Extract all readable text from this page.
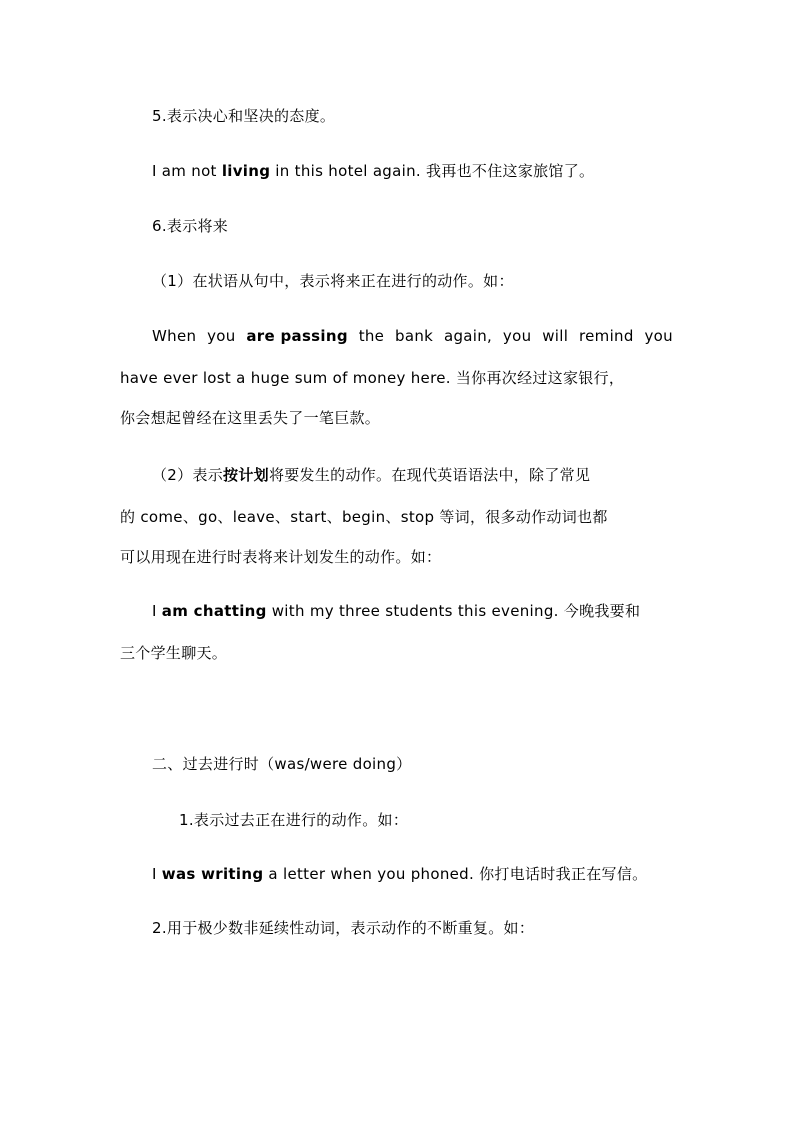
5.表示决心和坚决的态度。
I am not living in this hotel again. 我再也不住这家旅馆了。
6.表示将来
（1）在状语从句中，表示将来正在进行的动作。如：
When you are passing the bank again, you will remind you
have ever lost a huge sum of money here. 当你再次经过这家银行，
你会想起曾经在这里丢失了一笔巨款。
（2）表示按计划将要发生的动作。在现代英语语法中，除了常见
的 come、go、leave、start、begin、stop 等词，很多动作动词也都
可以用现在进行时表将来计划发生的动作。如：
I am chatting with my three students this evening. 今晚我要和
三个学生聊天。
二、过去进行时（was/were doing）
1.表示过去正在进行的动作。如：
I was writing a letter when you phoned. 你打电话时我正在写信。
2.用于极少数非延续性动词，表示动作的不断重复。如：
